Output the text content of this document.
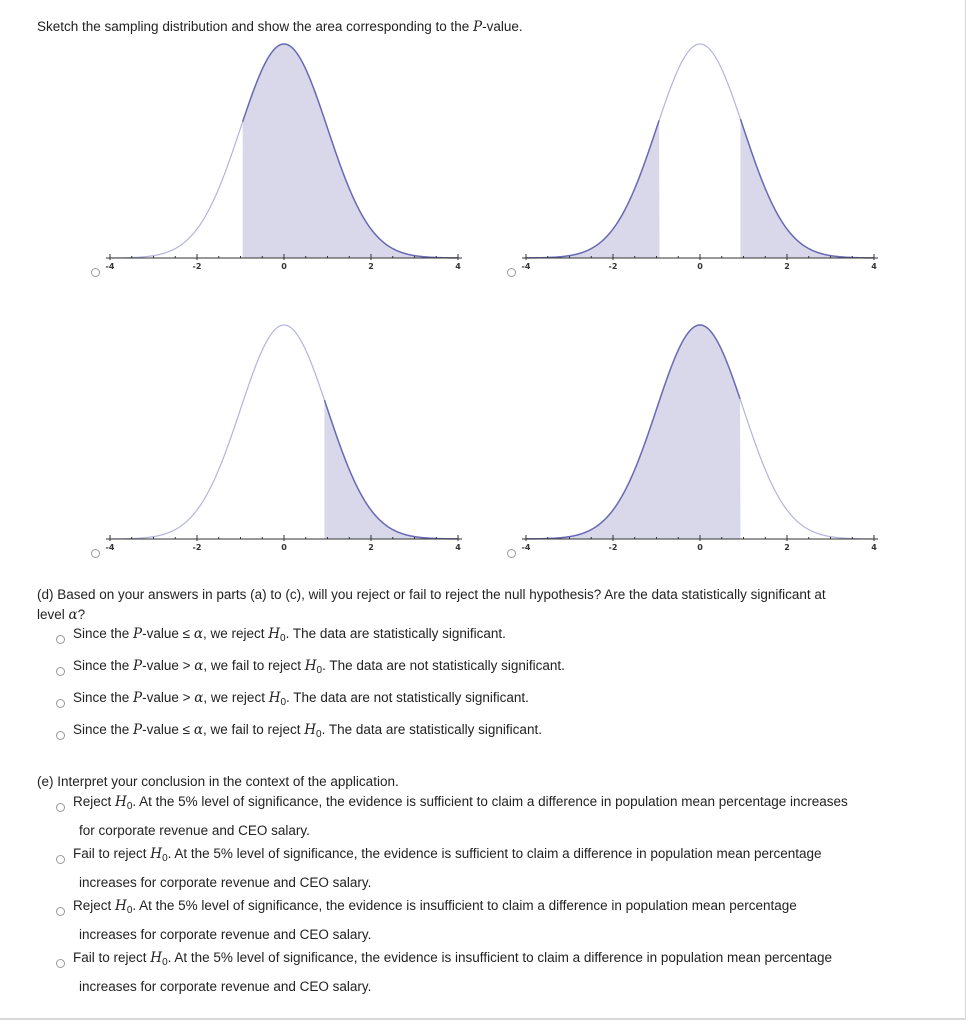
Sketch the sampling distribution and show the area corresponding to the P-value.
-4	-2	0	2	4	-4	-2	0	2	4
-4	-2	0	2	4	-4	-2	0	2	4
(d) Based on your answers in parts (a) to (c), will you reject or fail to reject the null hypothesis? Are the data statistically significant at
level α?
Since the P-value ≤ α, we reject $H_0$. The data are statistically significant.
Since the P-value > α, we fail to reject $H_0$. The data are not statistically significant.
Since the P-value > α, we reject $H_0$. The data are not statistically significant.
Since the P-value ≤ α, we fail to reject $H_0$. The data are statistically significant.
(e) Interpret your conclusion in the context of the application.
Reject $H_0$. At the 5% level of significance, the evidence is sufficient to claim a difference in population mean percentage increases
for corporate revenue and CEO salary.
Fail to reject $H_0$. At the 5% level of significance, the evidence is sufficient to claim a difference in population mean percentage
increases for corporate revenue and CEO salary.
Reject $H_0$. At the 5% level of significance, the evidence is insufficient to claim a difference in population mean percentage
increases for corporate revenue and CEO salary.
Fail to reject $H_0$. At the 5% level of significance, the evidence is insufficient to claim a difference in population mean percentage
increases for corporate revenue and CEO salary.
